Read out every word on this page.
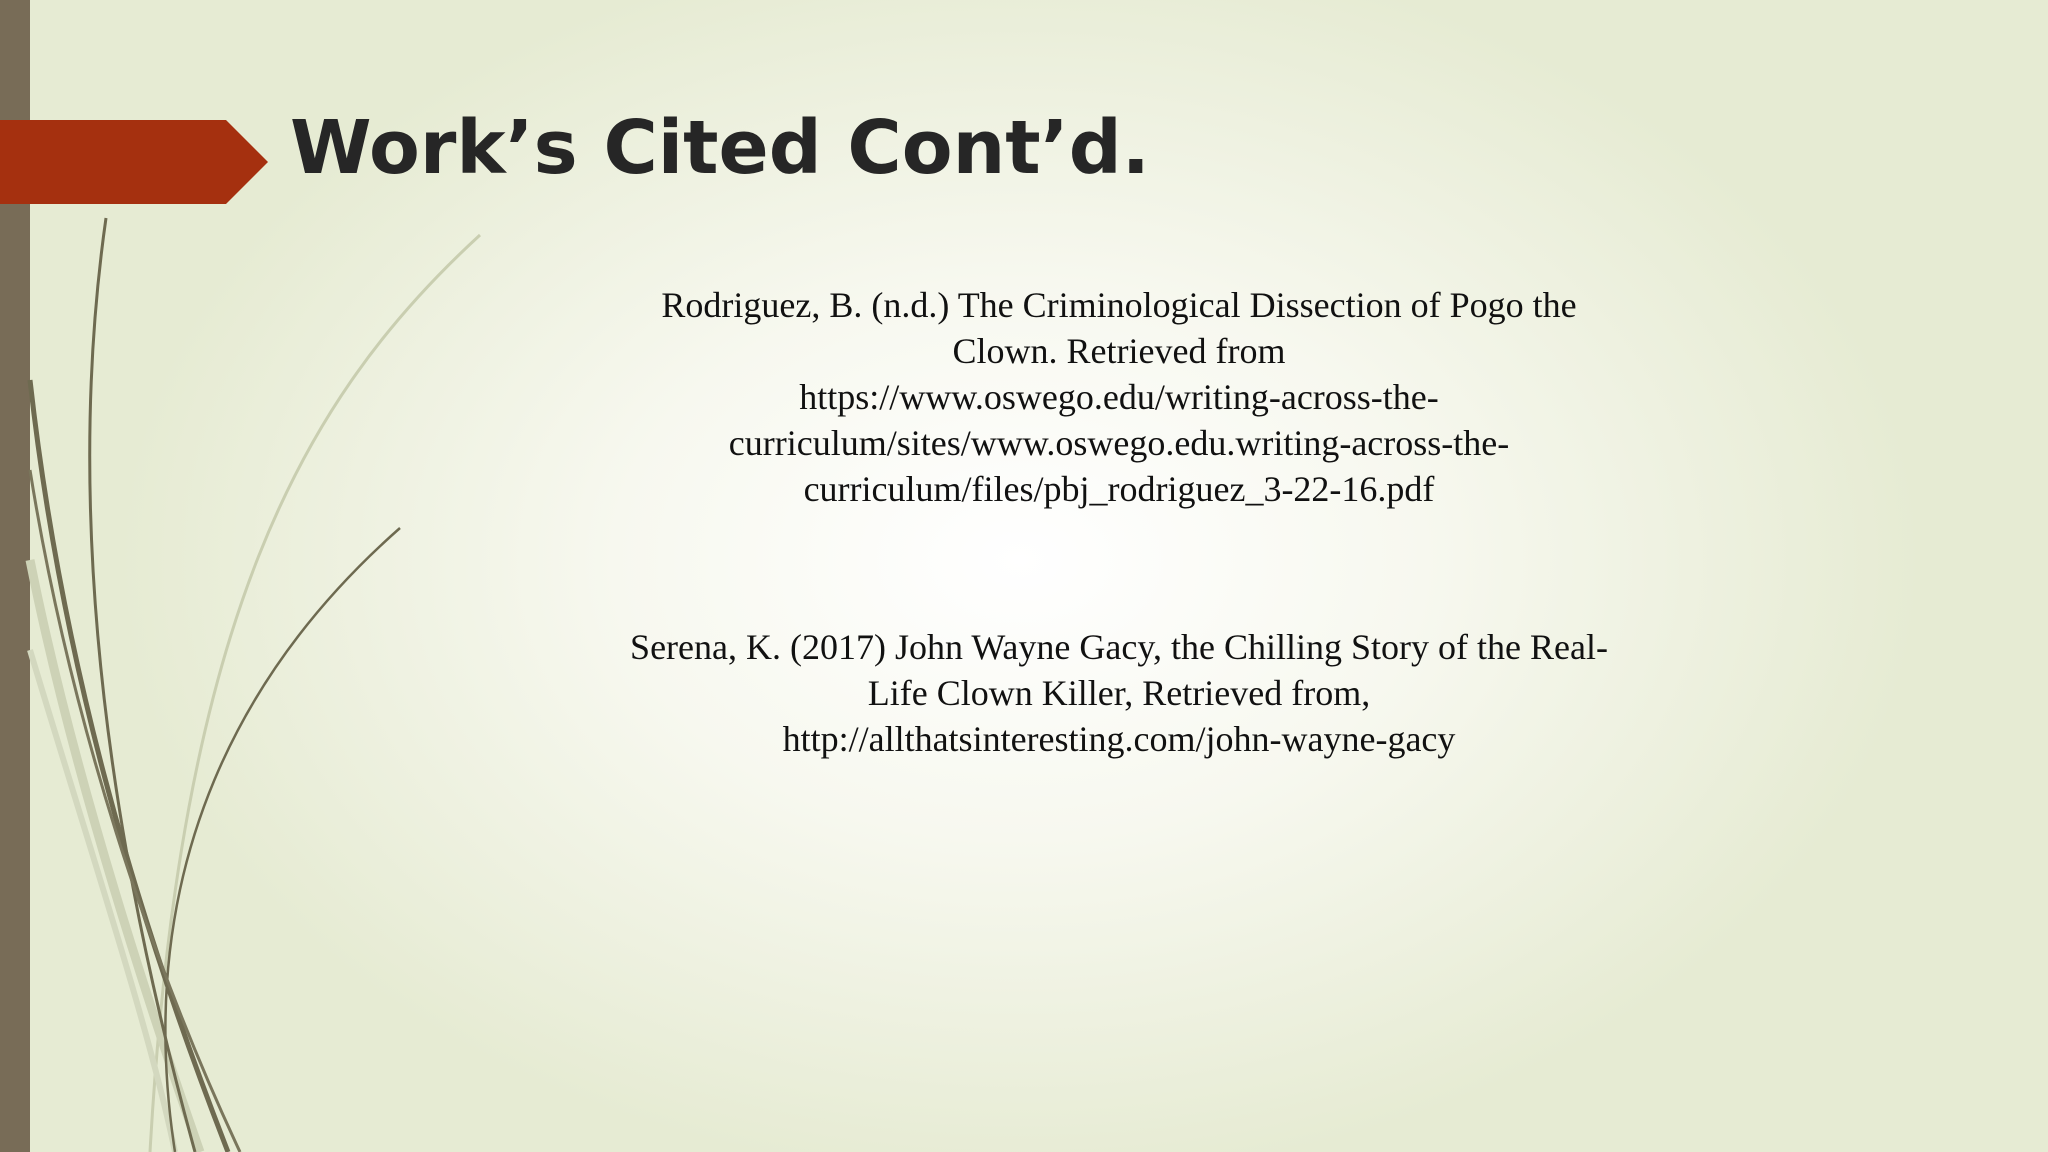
Work’s Cited Cont’d.

Rodriguez, B. (n.d.) The Criminological Dissection of Pogo the
Clown. Retrieved from
https://www.oswego.edu/writing-across-the-
curriculum/sites/www.oswego.edu.writing-across-the-
curriculum/files/pbj_rodriguez_3-22-16.pdf

Serena, K. (2017) John Wayne Gacy, the Chilling Story of the Real-
Life Clown Killer, Retrieved from,
http://allthatsinteresting.com/john-wayne-gacy
